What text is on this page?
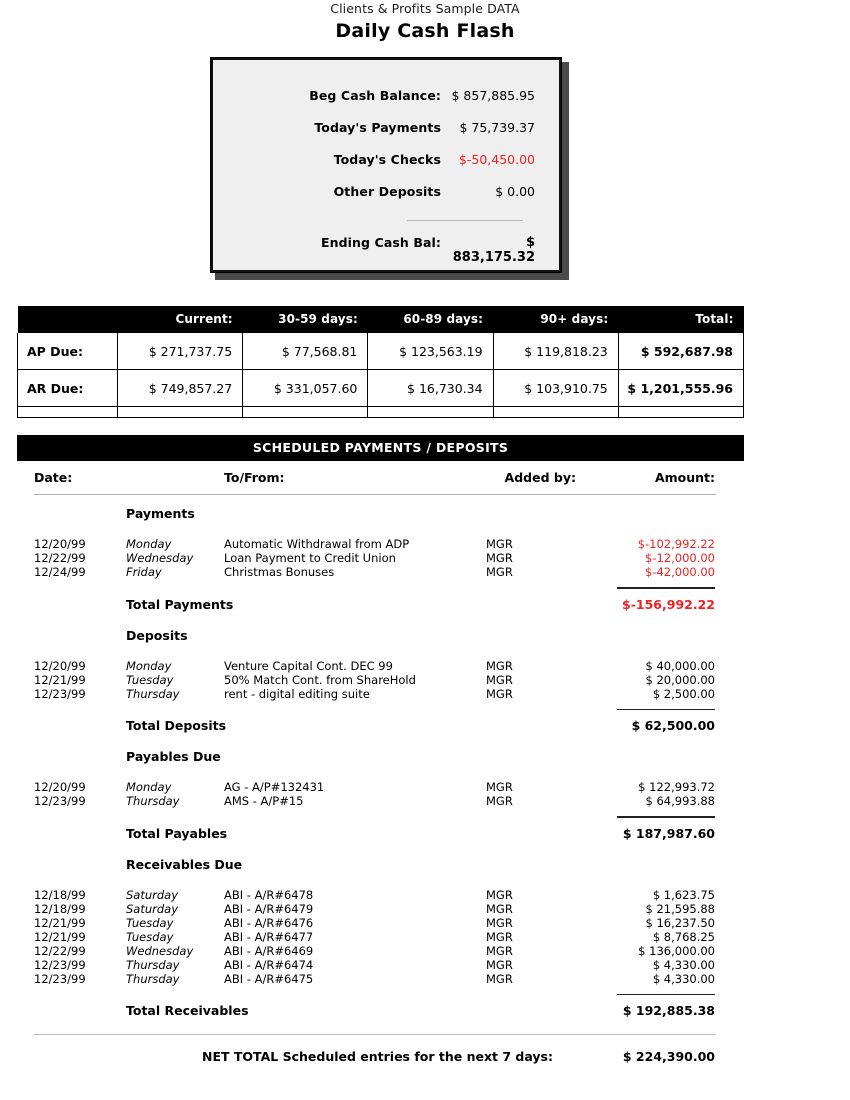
Clients & Profits Sample DATA
Daily Cash Flash
Beg Cash Balance: $ 857,885.95
Today's Payments	$ 75,739.37
Today's Checks	$-50,450.00
Other Deposits	$ 0.00
Ending Cash Bal:	$ 883,175.32
	Current:	30-59 days:	60-89 days:	90+ days:	Total:
AP Due:	$ 271,737.75	$ 77,568.81	$ 123,563.19	$ 119,818.23	$ 592,687.98
AR Due:	$ 749,857.27	$ 331,057.60	$ 16,730.34	$ 103,910.75	$ 1,201,555.96

SCHEDULED PAYMENTS / DEPOSITS
Date:	To/From:	Added by:	Amount:
Payments
12/20/99	Monday	Automatic Withdrawal from ADP	MGR	$-102,992.22
12/22/99	Wednesday	Loan Payment to Credit Union	MGR	$-12,000.00
12/24/99	Friday	Christmas Bonuses	MGR	$-42,000.00
Total Payments	$-156,992.22
Deposits
12/20/99	Monday	Venture Capital Cont. DEC 99	MGR	$ 40,000.00
12/21/99	Tuesday	50% Match Cont. from ShareHold	MGR	$ 20,000.00
12/23/99	Thursday	rent - digital editing suite	MGR	$ 2,500.00
Total Deposits	$ 62,500.00
Payables Due
12/20/99	Monday	AG - A/P#132431	MGR	$ 122,993.72
12/23/99	Thursday	AMS - A/P#15	MGR	$ 64,993.88
Total Payables	$ 187,987.60
Receivables Due
12/18/99	Saturday	ABI - A/R#6478	MGR	$ 1,623.75
12/18/99	Saturday	ABI - A/R#6479	MGR	$ 21,595.88
12/21/99	Tuesday	ABI - A/R#6476	MGR	$ 16,237.50
12/21/99	Tuesday	ABI - A/R#6477	MGR	$ 8,768.25
12/22/99	Wednesday	ABI - A/R#6469	MGR	$ 136,000.00
12/23/99	Thursday	ABI - A/R#6474	MGR	$ 4,330.00
12/23/99	Thursday	ABI - A/R#6475	MGR	$ 4,330.00
Total Receivables	$ 192,885.38
NET TOTAL Scheduled entries for the next 7 days:	$ 224,390.00
